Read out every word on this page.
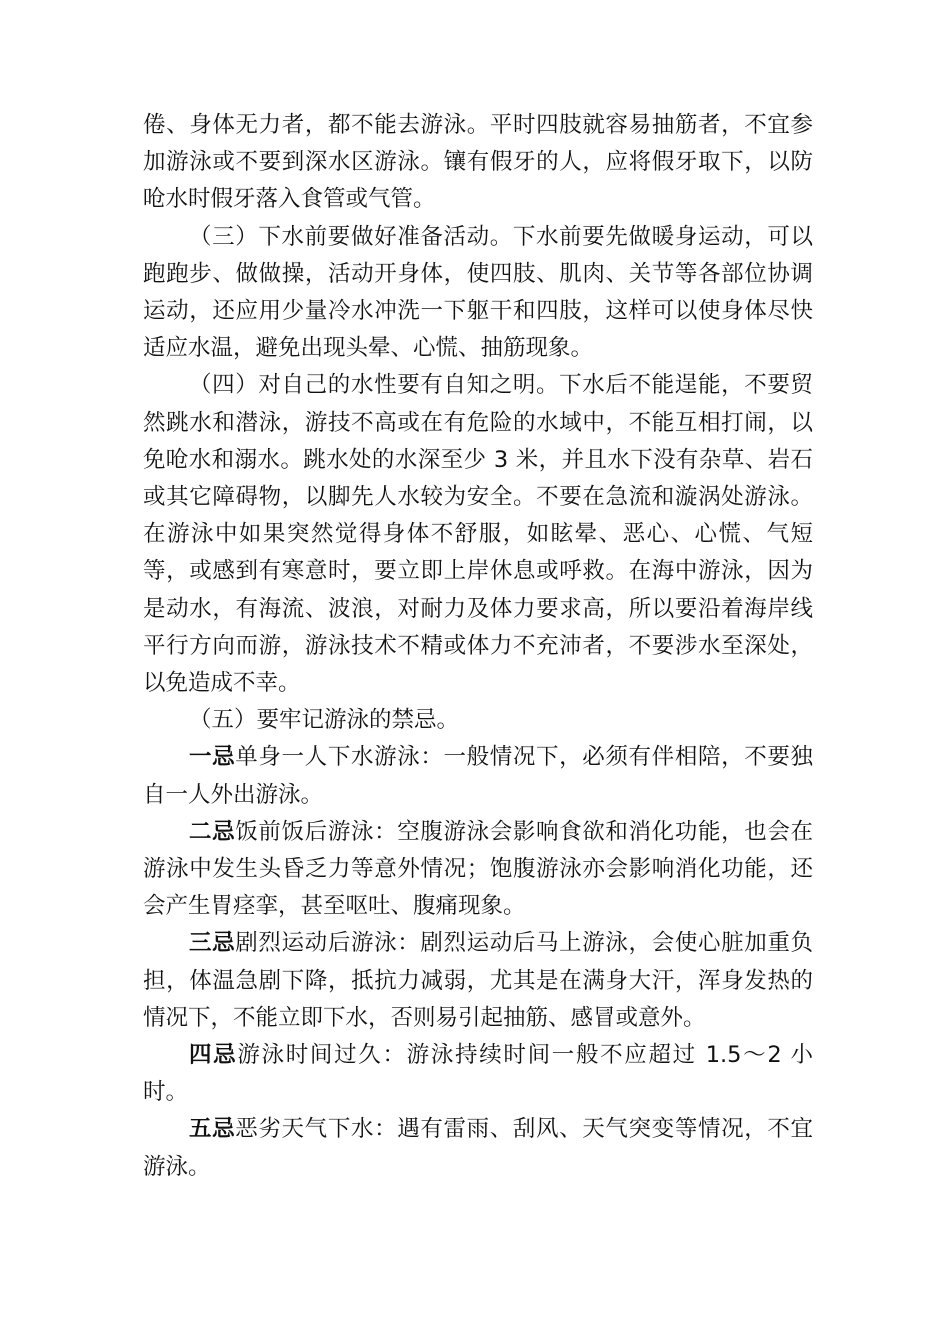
倦、身体无力者，都不能去游泳。平时四肢就容易抽筋者，不宜参加游泳或不要到深水区游泳。镶有假牙的人，应将假牙取下，以防呛水时假牙落入食管或气管。

（三）下水前要做好准备活动。下水前要先做暖身运动，可以跑跑步、做做操，活动开身体，使四肢、肌肉、关节等各部位协调运动，还应用少量冷水冲洗一下躯干和四肢，这样可以使身体尽快适应水温，避免出现头晕、心慌、抽筋现象。

（四）对自己的水性要有自知之明。下水后不能逞能，不要贸然跳水和潜泳，游技不高或在有危险的水域中，不能互相打闹，以免呛水和溺水。跳水处的水深至少 3 米，并且水下没有杂草、岩石或其它障碍物，以脚先人水较为安全。不要在急流和漩涡处游泳。在游泳中如果突然觉得身体不舒服，如眩晕、恶心、心慌、气短等，或感到有寒意时，要立即上岸休息或呼救。在海中游泳，因为是动水，有海流、波浪，对耐力及体力要求高，所以要沿着海岸线平行方向而游，游泳技术不精或体力不充沛者，不要涉水至深处，以免造成不幸。

（五）要牢记游泳的禁忌。

一忌单身一人下水游泳：一般情况下，必须有伴相陪，不要独自一人外出游泳。

二忌饭前饭后游泳：空腹游泳会影响食欲和消化功能，也会在游泳中发生头昏乏力等意外情况；饱腹游泳亦会影响消化功能，还会产生胃痉挛，甚至呕吐、腹痛现象。

三忌剧烈运动后游泳：剧烈运动后马上游泳，会使心脏加重负担，体温急剧下降，抵抗力减弱，尤其是在满身大汗，浑身发热的情况下，不能立即下水，否则易引起抽筋、感冒或意外。

四忌游泳时间过久：游泳持续时间一般不应超过 1.5～2 小时。

五忌恶劣天气下水：遇有雷雨、刮风、天气突变等情况，不宜游泳。
